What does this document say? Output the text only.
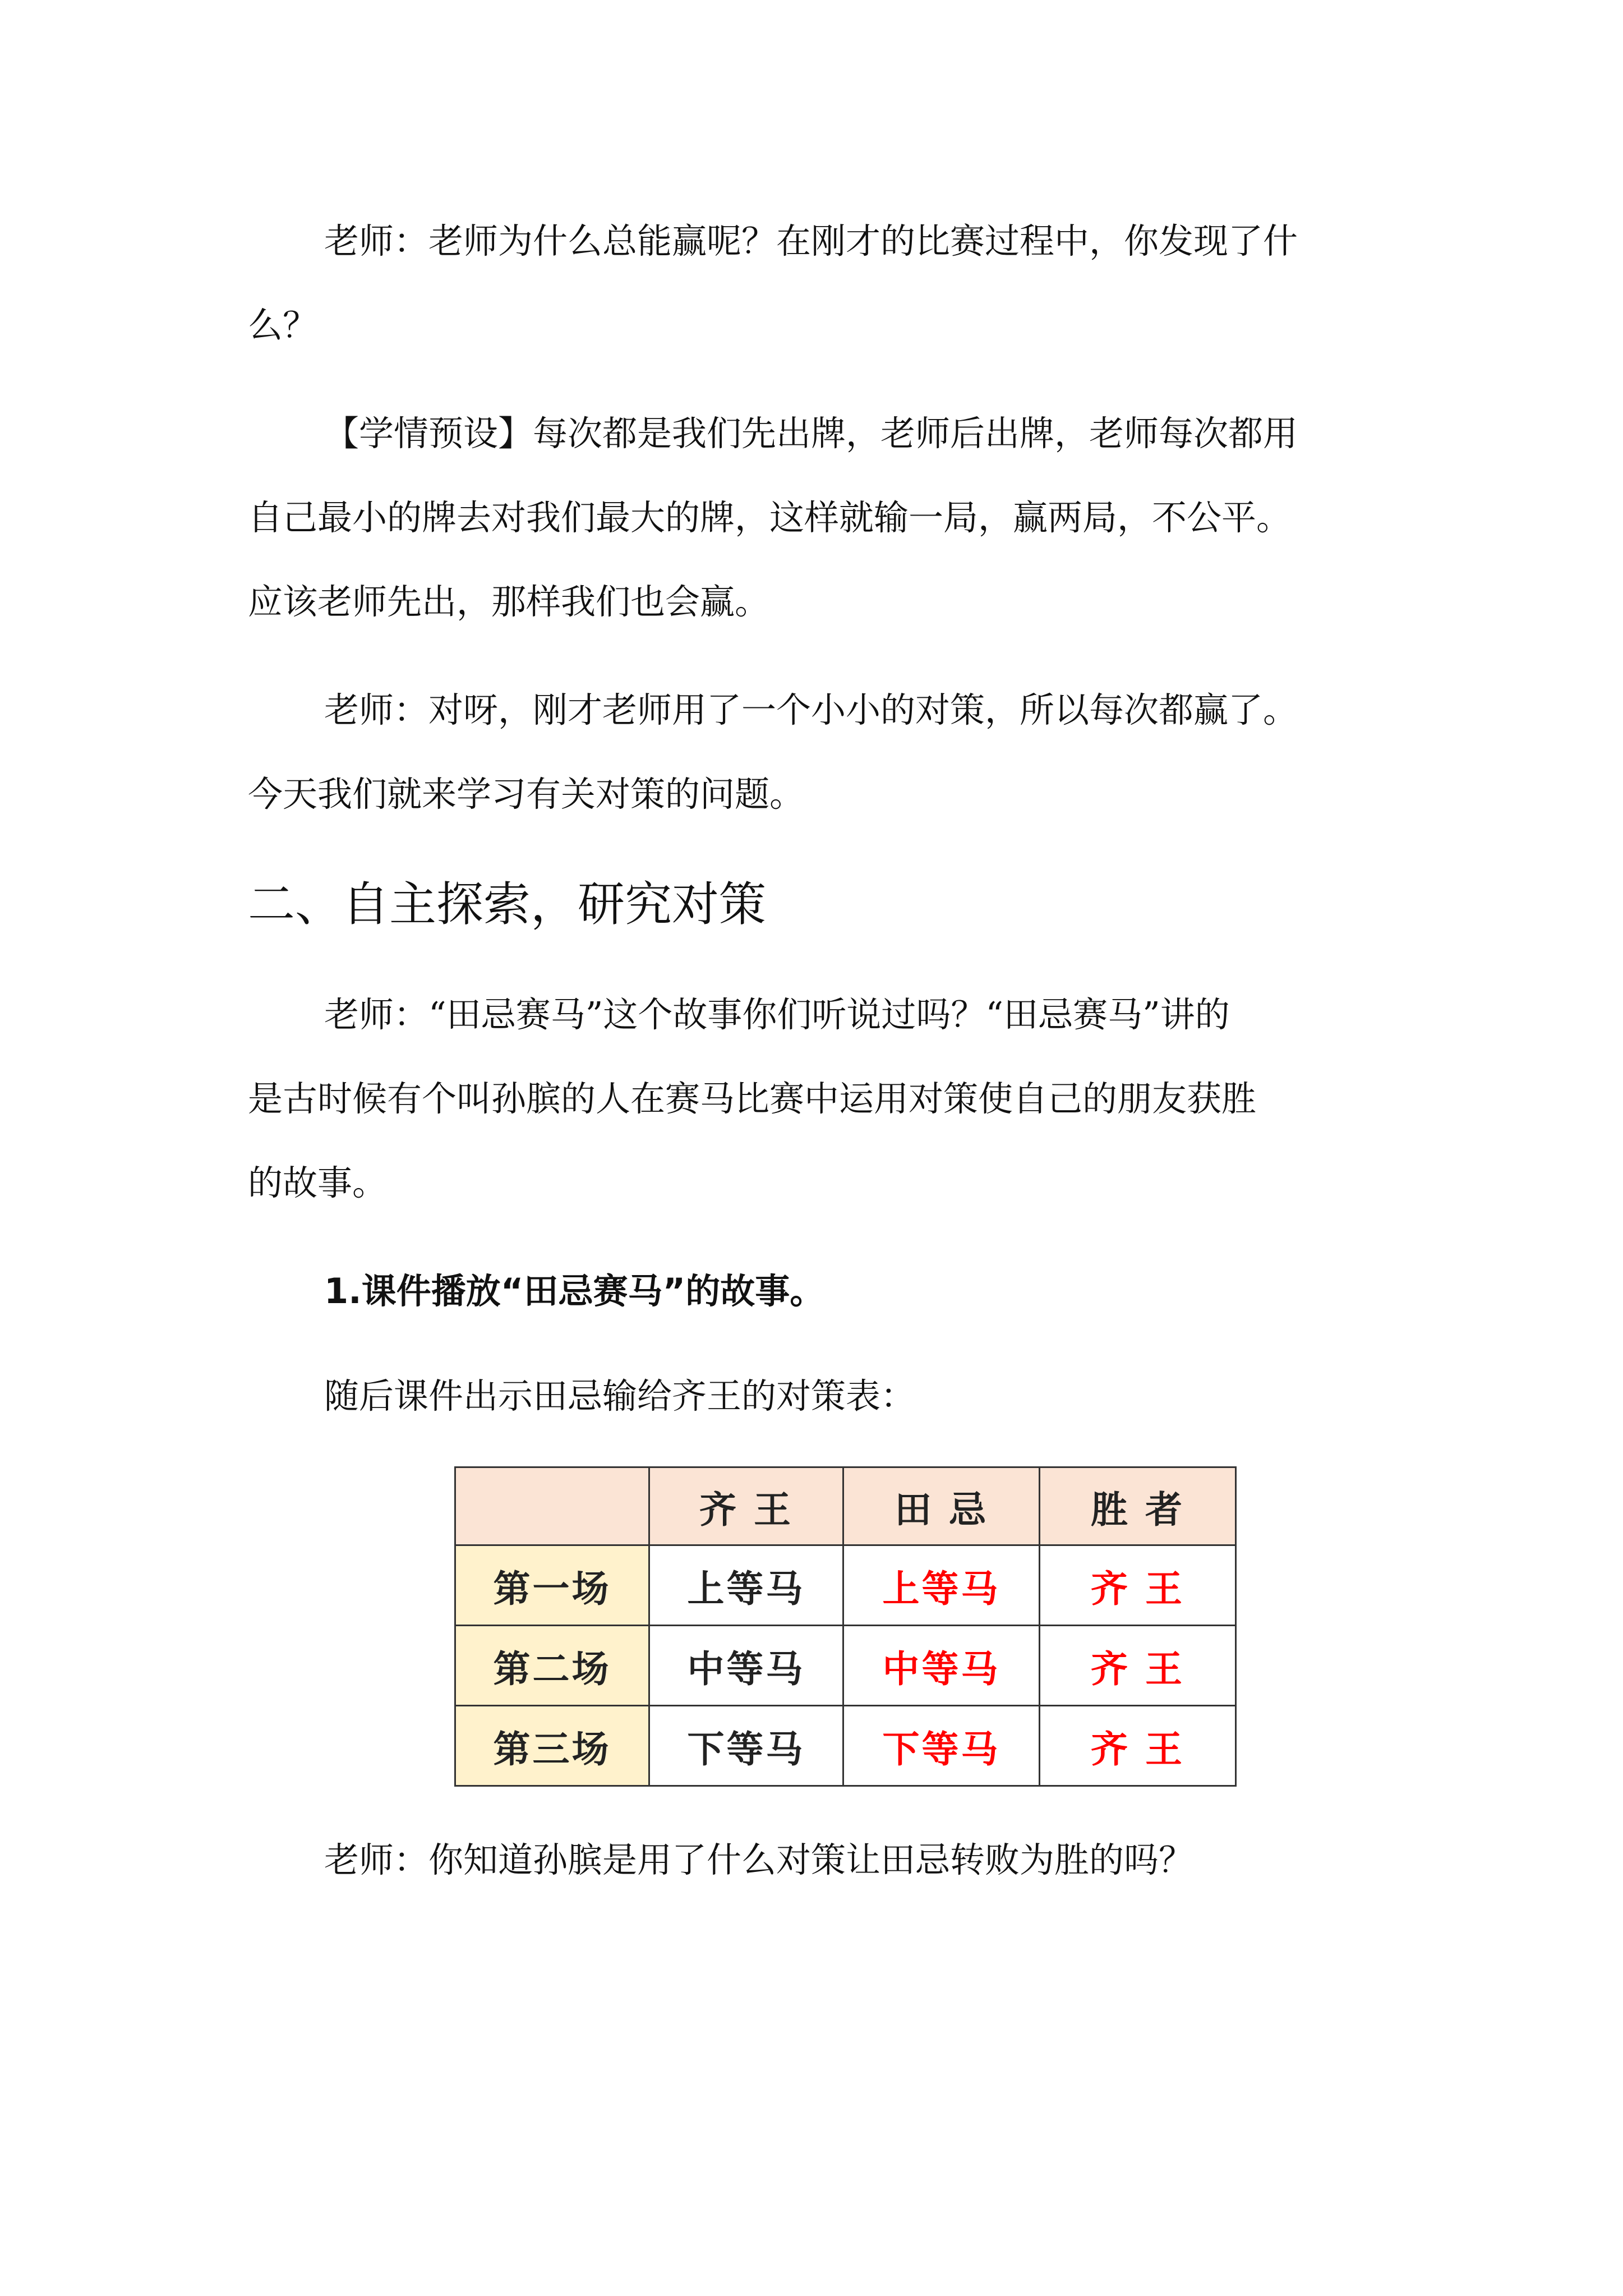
老师：老师为什么总能赢呢？在刚才的比赛过程中，你发现了什
么？
【学情预设】每次都是我们先出牌，老师后出牌，老师每次都用
自己最小的牌去对我们最大的牌，这样就输一局，赢两局，不公平。
应该老师先出，那样我们也会赢。
老师：对呀，刚才老师用了一个小小的对策，所以每次都赢了。
今天我们就来学习有关对策的问题。
二、自主探索，研究对策
老师：“田忌赛马”这个故事你们听说过吗？“田忌赛马”讲的
是古时候有个叫孙膑的人在赛马比赛中运用对策使自己的朋友获胜
的故事。
1.课件播放“田忌赛马”的故事。
随后课件出示田忌输给齐王的对策表：
	齐 王	田 忌	胜 者
第一场	上等马	上等马	齐 王
第二场	中等马	中等马	齐 王
第三场	下等马	下等马	齐 王
老师：你知道孙膑是用了什么对策让田忌转败为胜的吗？
